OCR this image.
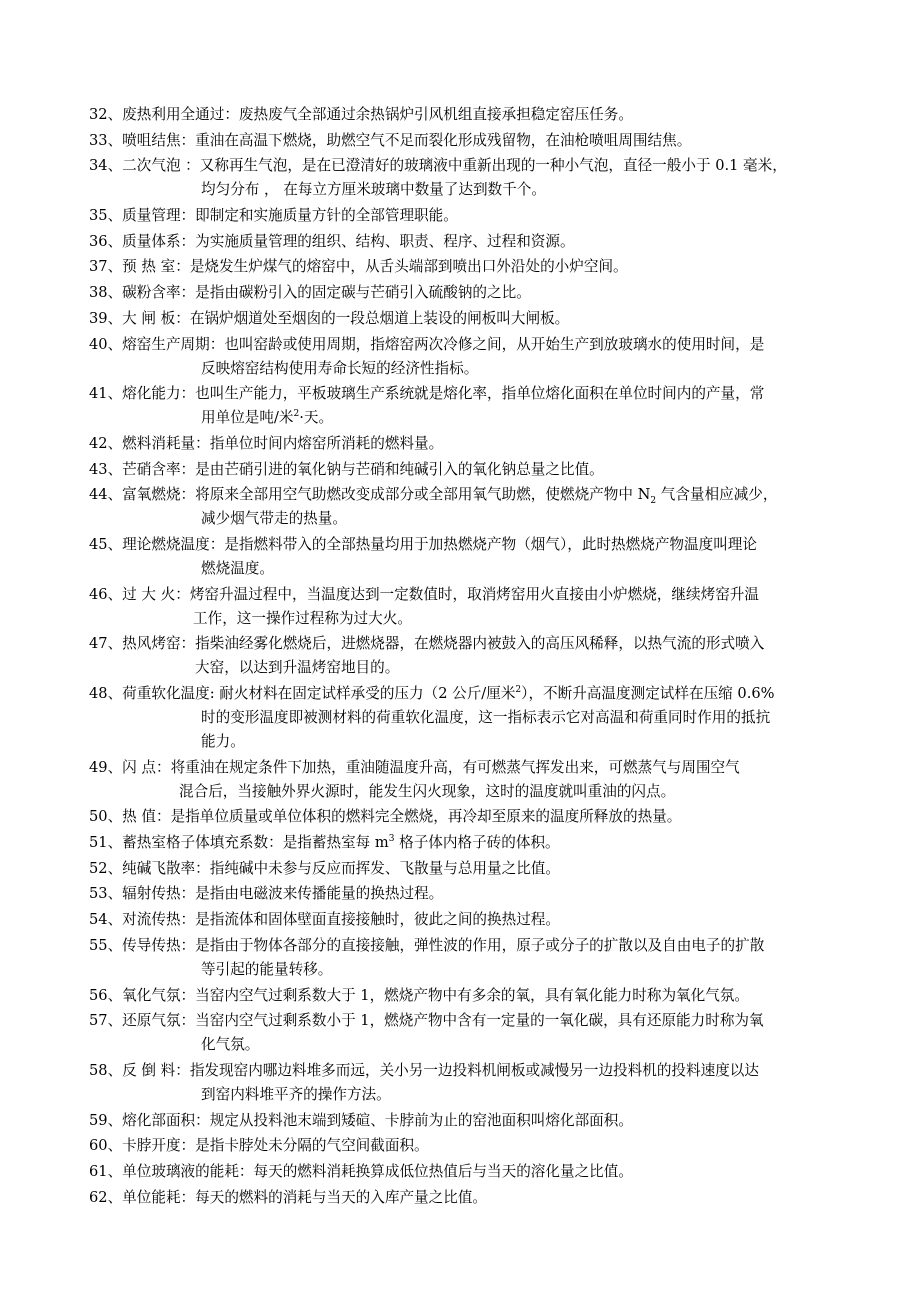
32、废热利用全通过：废热废气全部通过余热锅炉引风机组直接承担稳定窑压任务。
33、喷咀结焦：重油在高温下燃烧，助燃空气不足而裂化形成残留物，在油枪喷咀周围结焦。
34、二次气泡 ：又称再生气泡，是在已澄清好的玻璃液中重新出现的一种小气泡，直径一般小于 0.1 毫米，
均匀分布 ， 在每立方厘米玻璃中数量了达到数千个。
35、质量管理：即制定和实施质量方针的全部管理职能。
36、质量体系：为实施质量管理的组织、结构、职责、程序、过程和资源。
37、预 热 室：是烧发生炉煤气的熔窑中，从舌头端部到喷出口外沿处的小炉空间。
38、碳粉含率：是指由碳粉引入的固定碳与芒硝引入硫酸钠的之比。
39、大 闸 板：在锅炉烟道处至烟囱的一段总烟道上装设的闸板叫大闸板。
40、熔窑生产周期：也叫窑龄或使用周期，指熔窑两次冷修之间，从开始生产到放玻璃水的使用时间，是
反映熔窑结构使用寿命长短的经济性指标。
41、熔化能力：也叫生产能力，平板玻璃生产系统就是熔化率，指单位熔化面积在单位时间内的产量，常
用单位是吨/米$^2$·天。
42、燃料消耗量：指单位时间内熔窑所消耗的燃料量。
43、芒硝含率：是由芒硝引进的氧化钠与芒硝和纯碱引入的氧化钠总量之比值。
44、富氧燃烧：将原来全部用空气助燃改变成部分或全部用氧气助燃，使燃烧产物中 $N_2$ 气含量相应减少，
减少烟气带走的热量。
45、理论燃烧温度：是指燃料带入的全部热量均用于加热燃烧产物（烟气），此时热燃烧产物温度叫理论
燃烧温度。
46、过 大 火：烤窑升温过程中，当温度达到一定数值时，取消烤窑用火直接由小炉燃烧，继续烤窑升温
工作，这一操作过程称为过大火。
47、热风烤窑：指柴油经雾化燃烧后，进燃烧器，在燃烧器内被鼓入的高压风稀释，以热气流的形式喷入
大窑，以达到升温烤窑地目的。
48、荷重软化温度: 耐火材料在固定试样承受的压力（2 公斤/厘米$^2$），不断升高温度测定试样在压缩 0.6%
时的变形温度即被测材料的荷重软化温度，这一指标表示它对高温和荷重同时作用的抵抗
能力。
49、闪 点：将重油在规定条件下加热，重油随温度升高，有可燃蒸气挥发出来，可燃蒸气与周围空气
混合后，当接触外界火源时，能发生闪火现象，这时的温度就叫重油的闪点。
50、热 值：是指单位质量或单位体积的燃料完全燃烧，再冷却至原来的温度所释放的热量。
51、蓄热室格子体填充系数：是指蓄热室每 $m^3$ 格子体内格子砖的体积。
52、纯碱飞散率：指纯碱中未参与反应而挥发、飞散量与总用量之比值。
53、辐射传热：是指由电磁波来传播能量的换热过程。
54、对流传热：是指流体和固体壁面直接接触时，彼此之间的换热过程。
55、传导传热：是指由于物体各部分的直接接触，弹性波的作用，原子或分子的扩散以及自由电子的扩散
等引起的能量转移。
56、氧化气氛：当窑内空气过剩系数大于 1，燃烧产物中有多余的氧，具有氧化能力时称为氧化气氛。
57、还原气氛：当窑内空气过剩系数小于 1，燃烧产物中含有一定量的一氧化碳，具有还原能力时称为氧
化气氛。
58、反 倒 料：指发现窑内哪边料堆多而远，关小另一边投料机闸板或减慢另一边投料机的投料速度以达
到窑内料堆平齐的操作方法。
59、熔化部面积：规定从投料池末端到矮碹、卡脖前为止的窑池面积叫熔化部面积。
60、卡脖开度：是指卡脖处未分隔的气空间截面积。
61、单位玻璃液的能耗：每天的燃料消耗换算成低位热值后与当天的溶化量之比值。
62、单位能耗：每天的燃料的消耗与当天的入库产量之比值。
